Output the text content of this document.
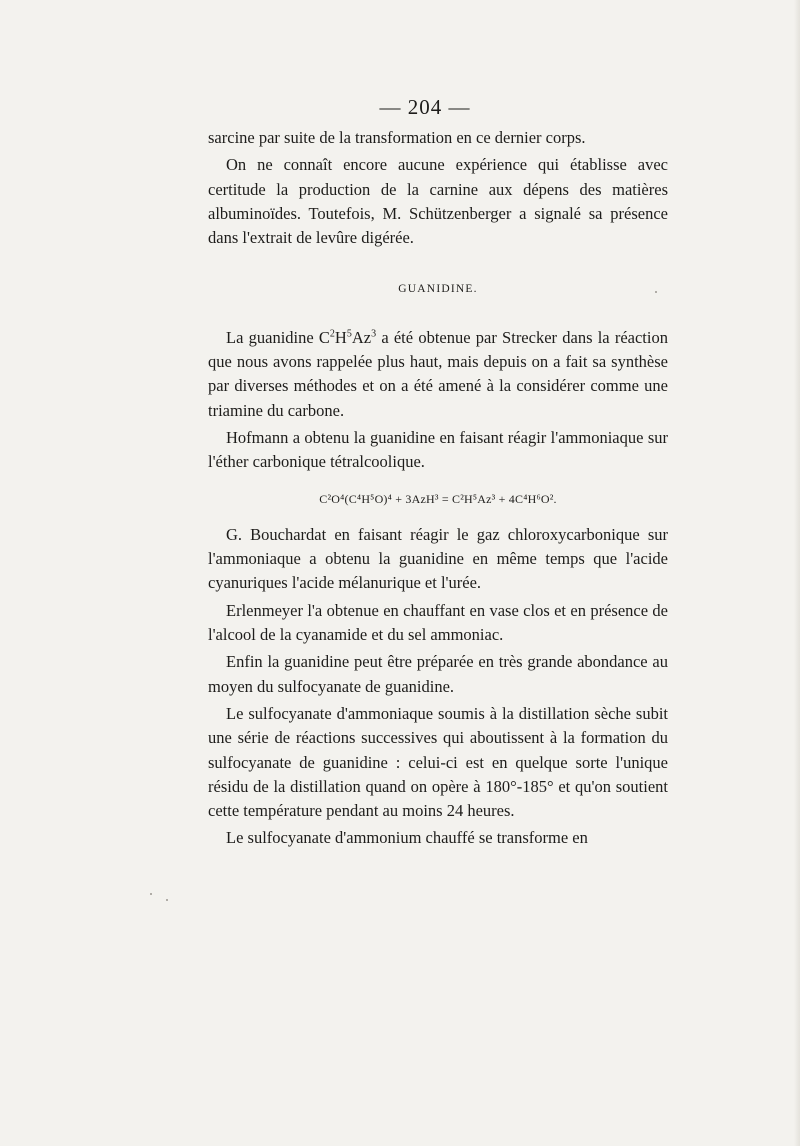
— 204 —

sarcine par suite de la transformation en ce dernier corps.

On ne connaît encore aucune expérience qui établisse avec certitude la production de la carnine aux dépens des matières albuminoïdes. Toutefois, M. Schützenberger a signalé sa présence dans l'extrait de levûre digérée.

GUANIDINE.

La guanidine $C^2H^5Az^3$ a été obtenue par Strecker dans la réaction que nous avons rappelée plus haut, mais depuis on a fait sa synthèse par diverses méthodes et on a été amené à la considérer comme une triamine du carbone.

Hofmann a obtenu la guanidine en faisant réagir l'ammoniaque sur l'éther carbonique tétralcoolique.

C²O⁴(C⁴H⁵O)⁴ + 3AzH³ = C²H⁵Az³ + 4C⁴H⁶O².

G. Bouchardat en faisant réagir le gaz chloroxycarbonique sur l'ammoniaque a obtenu la guanidine en même temps que l'acide cyanuriques l'acide mélanurique et l'urée.

Erlenmeyer l'a obtenue en chauffant en vase clos et en présence de l'alcool de la cyanamide et du sel ammoniac.

Enfin la guanidine peut être préparée en très grande abondance au moyen du sulfocyanate de guanidine.

Le sulfocyanate d'ammoniaque soumis à la distillation sèche subit une série de réactions successives qui aboutissent à la formation du sulfocyanate de guanidine : celui-ci est en quelque sorte l'unique résidu de la distillation quand on opère à 180°-185° et qu'on soutient cette température pendant au moins 24 heures.

Le sulfocyanate d'ammonium chauffé se transforme en
